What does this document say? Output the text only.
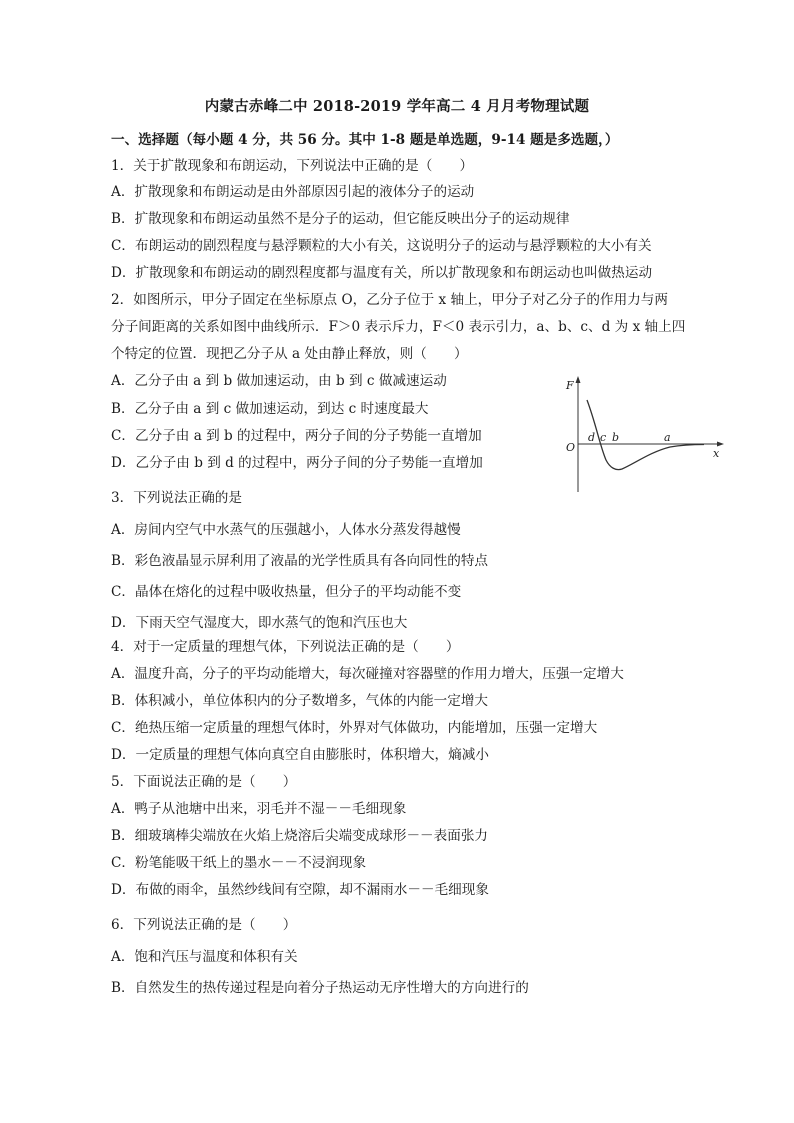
内蒙古赤峰二中 2018-2019 学年高二 4 月月考物理试题
一、选择题（每小题 4 分，共 56 分。其中 1-8 题是单选题，9-14 题是多选题，）
1．关于扩散现象和布朗运动，下列说法中正确的是（　　）
A．扩散现象和布朗运动是由外部原因引起的液体分子的运动
B．扩散现象和布朗运动虽然不是分子的运动，但它能反映出分子的运动规律
C．布朗运动的剧烈程度与悬浮颗粒的大小有关，这说明分子的运动与悬浮颗粒的大小有关
D．扩散现象和布朗运动的剧烈程度都与温度有关，所以扩散现象和布朗运动也叫做热运动
2．如图所示，甲分子固定在坐标原点 O，乙分子位于 x 轴上，甲分子对乙分子的作用力与两
分子间距离的关系如图中曲线所示．F＞0 表示斥力，F＜0 表示引力，a、b、c、d 为 x 轴上四
个特定的位置．现把乙分子从 a 处由静止释放，则（　　）
A．乙分子由 a 到 b 做加速运动，由 b 到 c 做减速运动
B．乙分子由 a 到 c 做加速运动，到达 c 时速度最大
C．乙分子由 a 到 b 的过程中，两分子间的分子势能一直增加
D．乙分子由 b 到 d 的过程中，两分子间的分子势能一直增加
F
O	x
d c b	a
3．下列说法正确的是
A．房间内空气中水蒸气的压强越小，人体水分蒸发得越慢
B．彩色液晶显示屏利用了液晶的光学性质具有各向同性的特点
C．晶体在熔化的过程中吸收热量，但分子的平均动能不变
D．下雨天空气湿度大，即水蒸气的饱和汽压也大
4．对于一定质量的理想气体，下列说法正确的是（　　）
A．温度升高，分子的平均动能增大，每次碰撞对容器壁的作用力增大，压强一定增大
B．体积减小，单位体积内的分子数增多，气体的内能一定增大
C．绝热压缩一定质量的理想气体时，外界对气体做功，内能增加，压强一定增大
D．一定质量的理想气体向真空自由膨胀时，体积增大，熵减小
5．下面说法正确的是（　　）
A．鸭子从池塘中出来，羽毛并不湿－－毛细现象
B．细玻璃棒尖端放在火焰上烧溶后尖端变成球形－－表面张力
C．粉笔能吸干纸上的墨水－－不浸润现象
D．布做的雨伞，虽然纱线间有空隙，却不漏雨水－－毛细现象
6．下列说法正确的是（　　）
A．饱和汽压与温度和体积有关
B．自然发生的热传递过程是向着分子热运动无序性增大的方向进行的
